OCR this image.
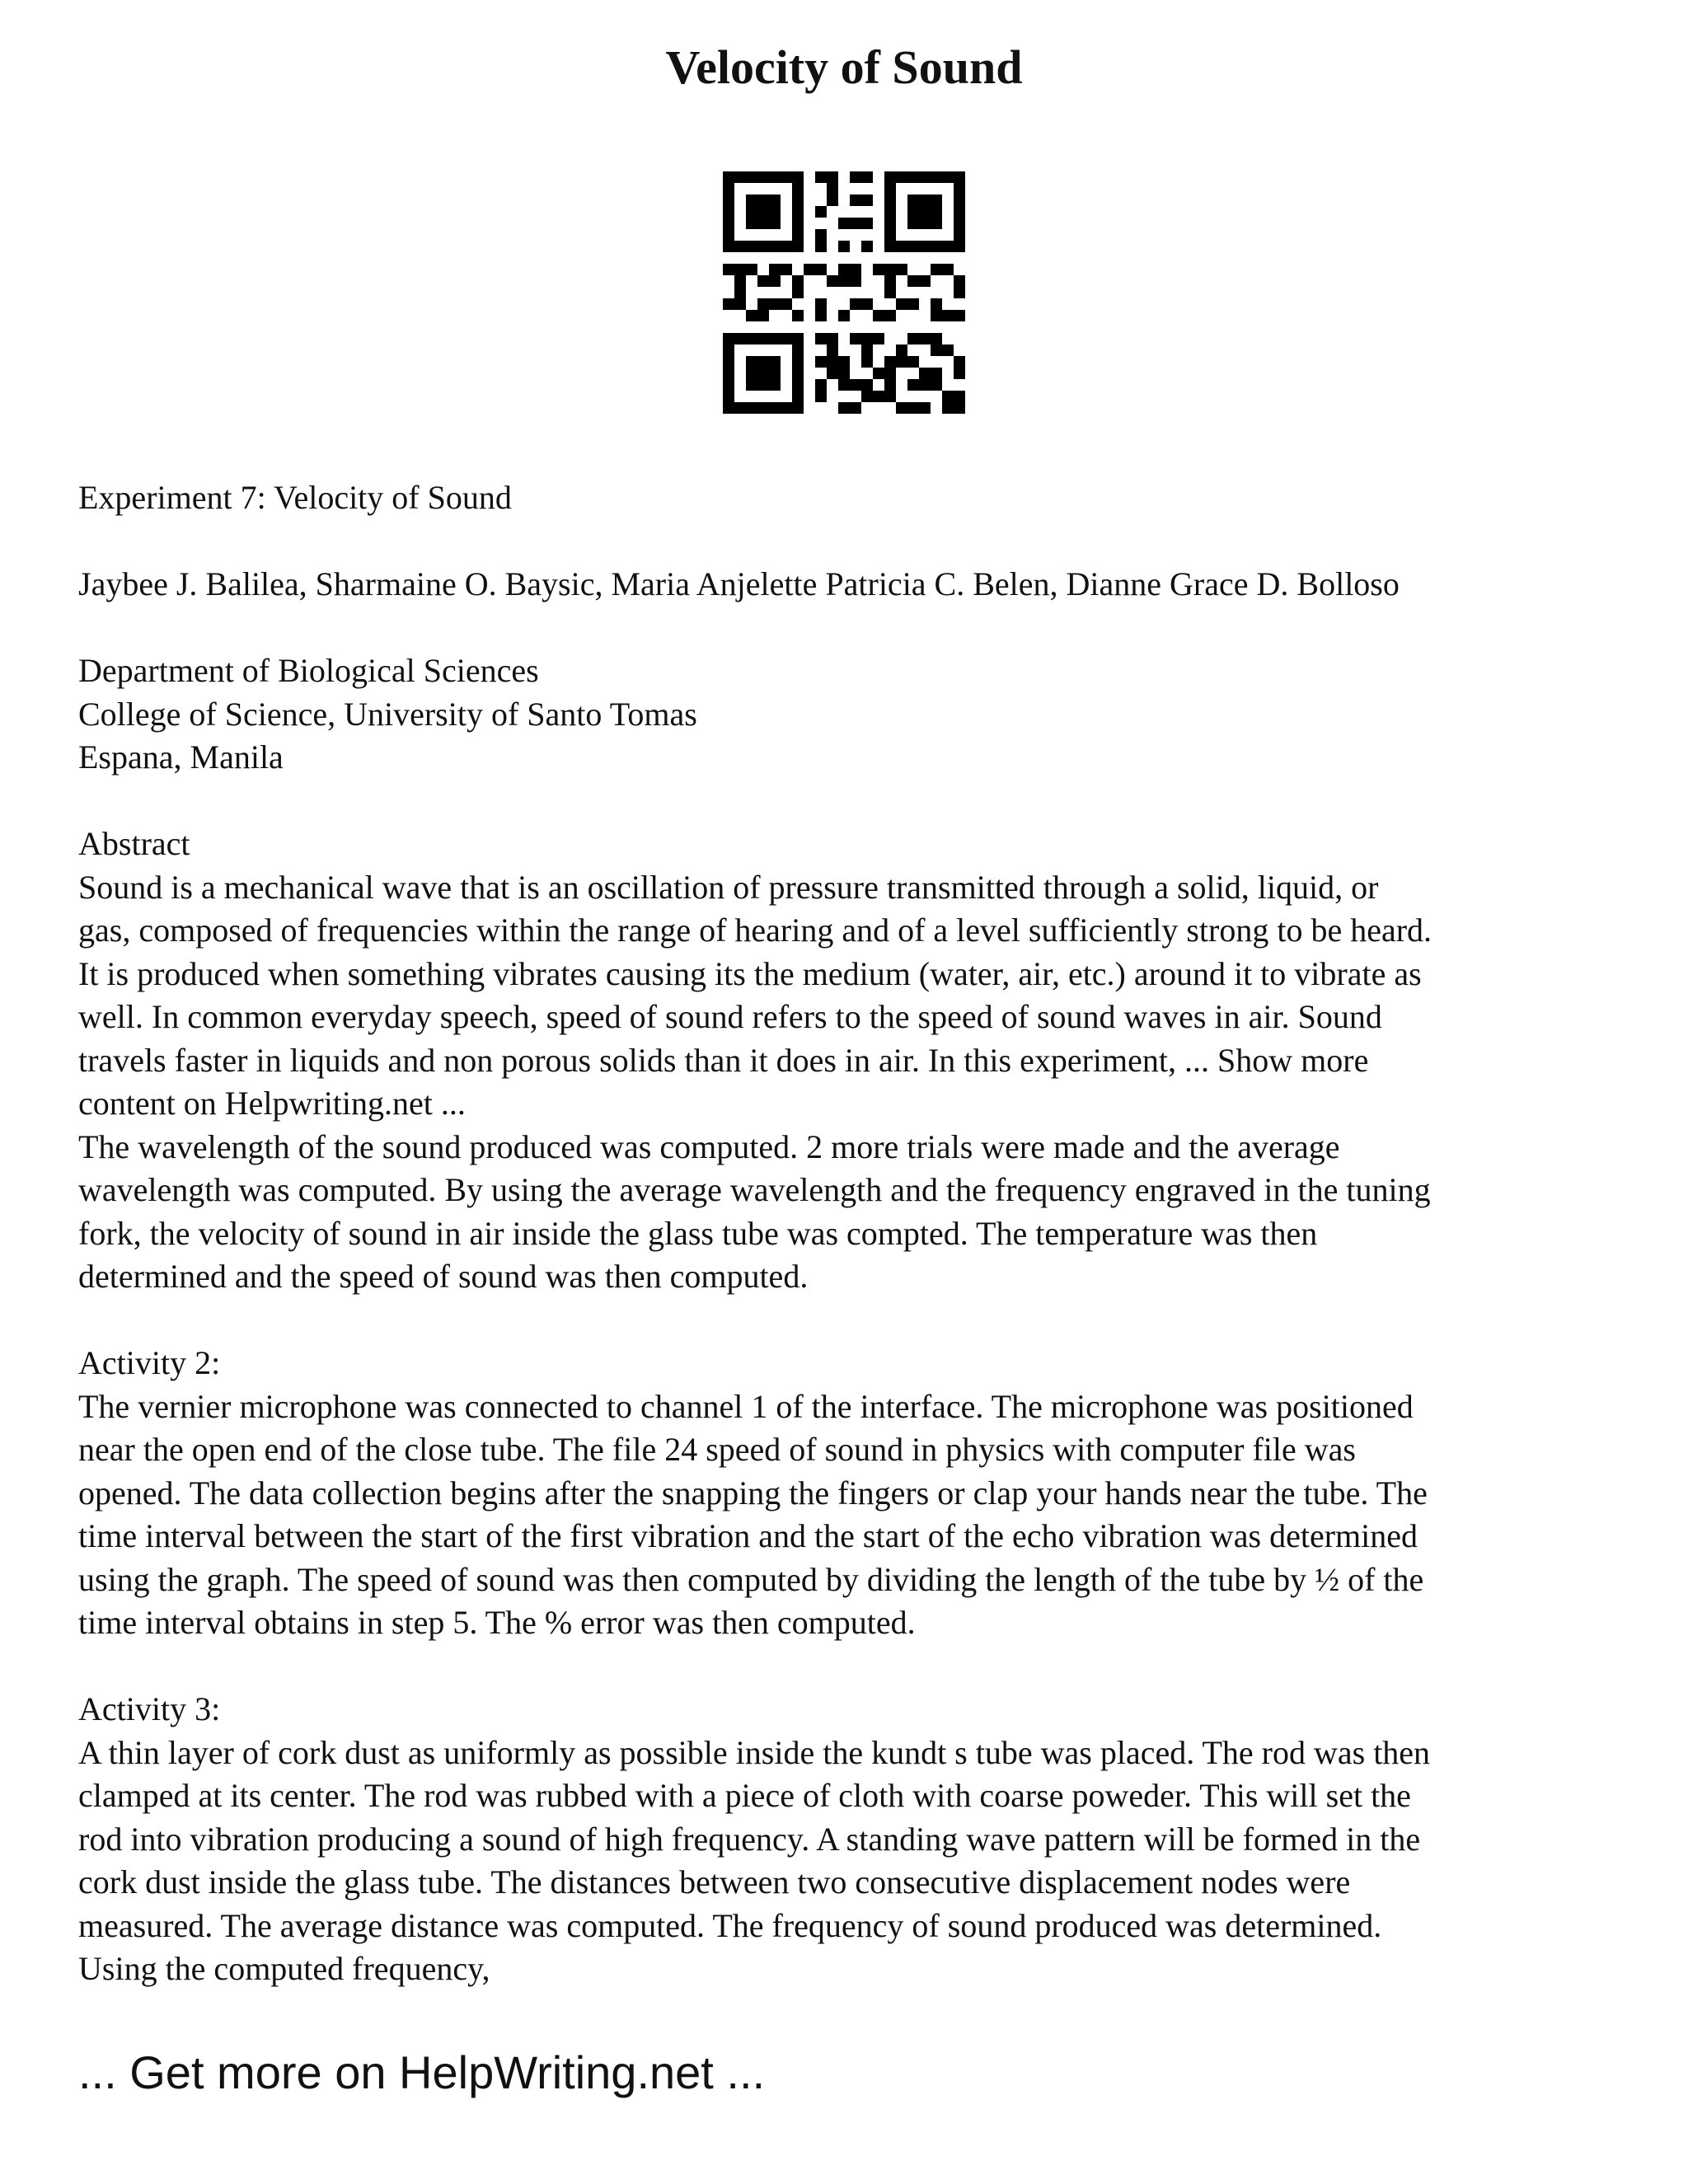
Velocity of Sound

Experiment 7: Velocity of Sound

Jaybee J. Balilea, Sharmaine O. Baysic, Maria Anjelette Patricia C. Belen, Dianne Grace D. Bolloso

Department of Biological Sciences
College of Science, University of Santo Tomas
Espana, Manila

Abstract
Sound is a mechanical wave that is an oscillation of pressure transmitted through a solid, liquid, or
gas, composed of frequencies within the range of hearing and of a level sufficiently strong to be heard.
It is produced when something vibrates causing its the medium (water, air, etc.) around it to vibrate as
well. In common everyday speech, speed of sound refers to the speed of sound waves in air. Sound
travels faster in liquids and non porous solids than it does in air. In this experiment, ... Show more
content on Helpwriting.net ...
The wavelength of the sound produced was computed. 2 more trials were made and the average
wavelength was computed. By using the average wavelength and the frequency engraved in the tuning
fork, the velocity of sound in air inside the glass tube was compted. The temperature was then
determined and the speed of sound was then computed.

Activity 2:
The vernier microphone was connected to channel 1 of the interface. The microphone was positioned
near the open end of the close tube. The file 24 speed of sound in physics with computer file was
opened. The data collection begins after the snapping the fingers or clap your hands near the tube. The
time interval between the start of the first vibration and the start of the echo vibration was determined
using the graph. The speed of sound was then computed by dividing the length of the tube by ½ of the
time interval obtains in step 5. The % error was then computed.

Activity 3:
A thin layer of cork dust as uniformly as possible inside the kundt s tube was placed. The rod was then
clamped at its center. The rod was rubbed with a piece of cloth with coarse poweder. This will set the
rod into vibration producing a sound of high frequency. A standing wave pattern will be formed in the
cork dust inside the glass tube. The distances between two consecutive displacement nodes were
measured. The average distance was computed. The frequency of sound produced was determined.
Using the computed frequency,

... Get more on HelpWriting.net ...
